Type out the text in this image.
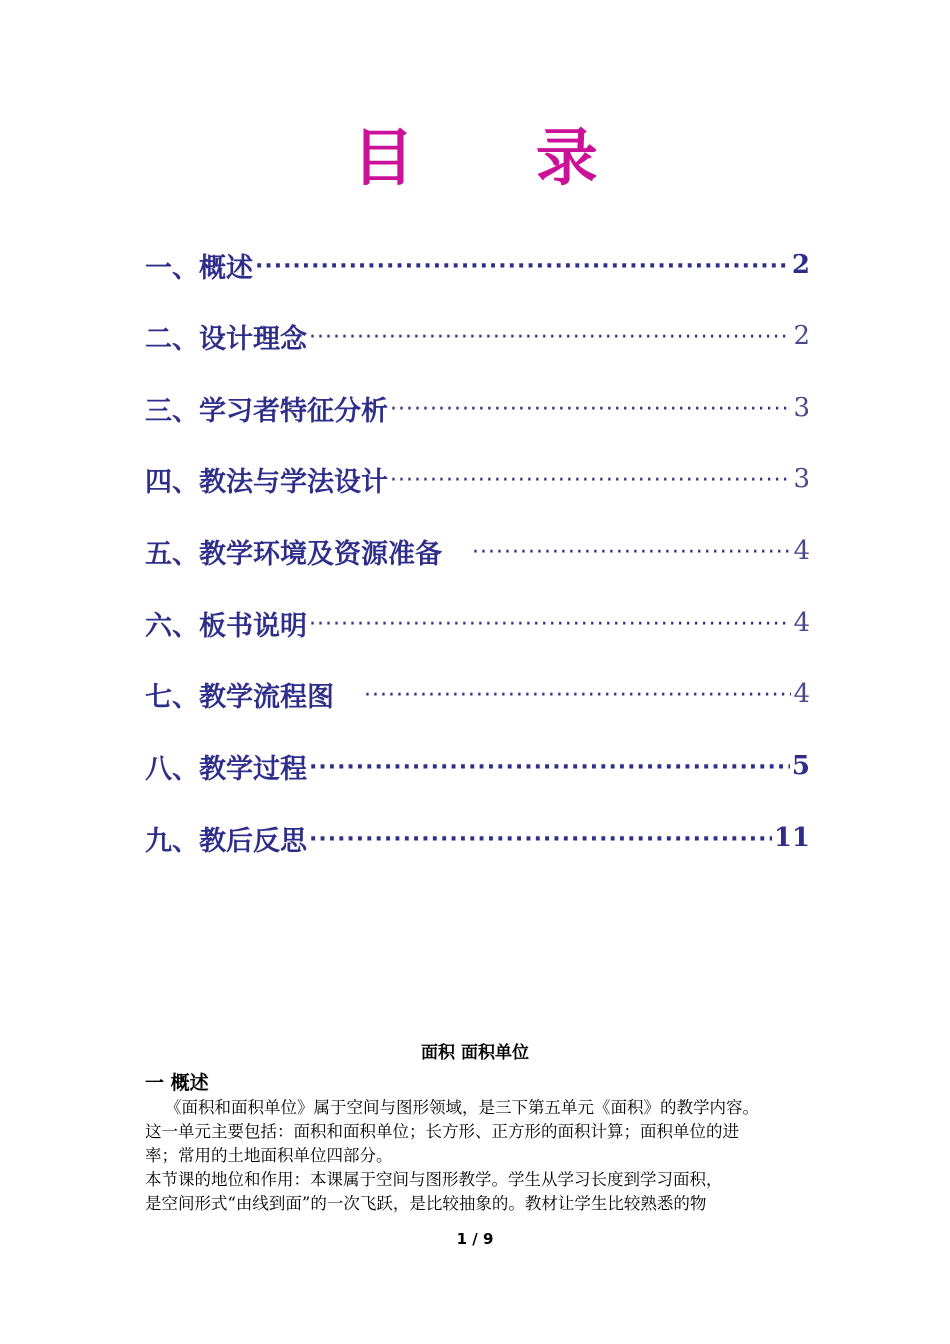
目 录
一、概述 ·····	2
二、设计理念 ·····	2
三、学习者特征分析 ·····	3
四、教法与学法设计 ·····	3
五、教学环境及资源准备 ·····	4
六、板书说明 ·····	4
七、教学流程图 ·····	4
八、教学过程 ·····	5
九、教后反思 ·····	11
面积 面积单位
一 概述
《面积和面积单位》属于空间与图形领域，是三下第五单元《面积》的教学内容。
这一单元主要包括：面积和面积单位；长方形、正方形的面积计算；面积单位的进
率；常用的土地面积单位四部分。
本节课的地位和作用：本课属于空间与图形教学。学生从学习长度到学习面积，
是空间形式“由线到面”的一次飞跃，是比较抽象的。教材让学生比较熟悉的物
1 / 9
